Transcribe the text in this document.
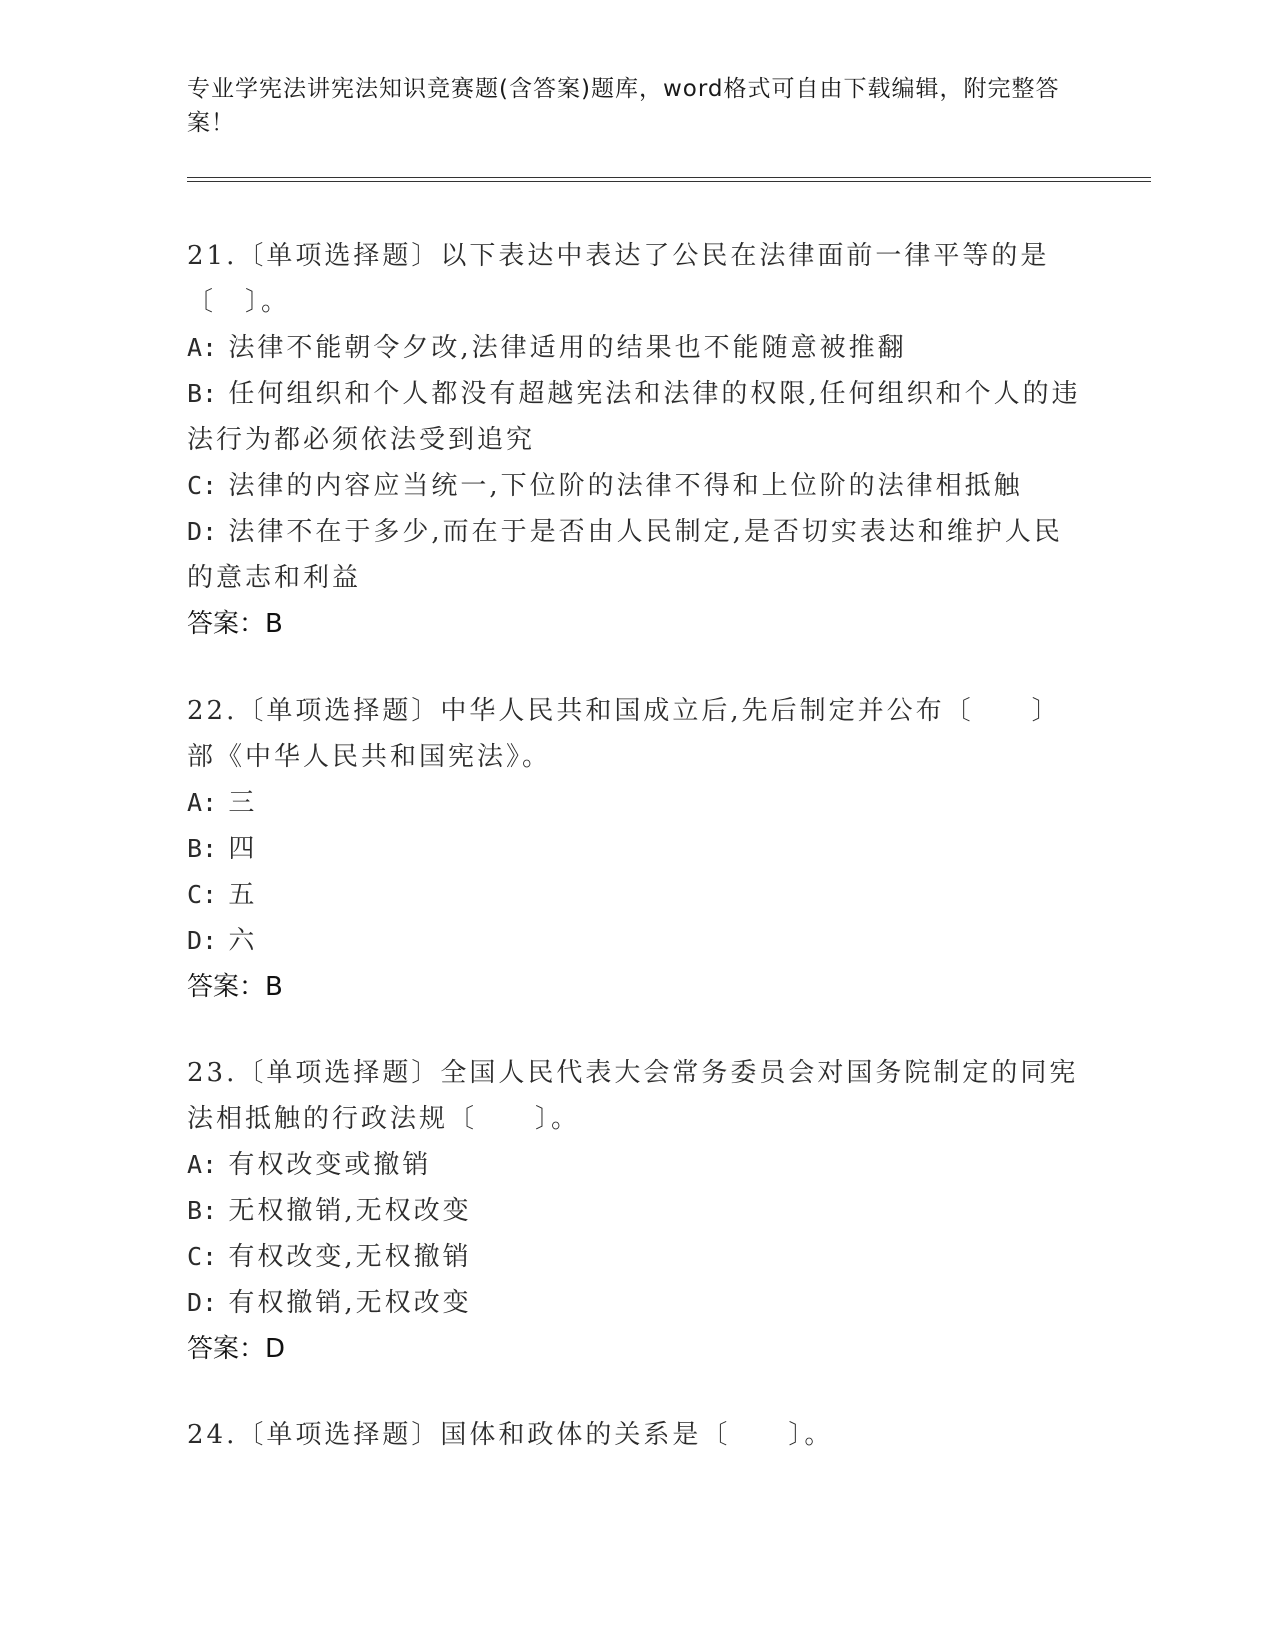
专业学宪法讲宪法知识竞赛题(含答案)题库，word格式可自由下载编辑，附完整答案！

21.〔单项选择题〕以下表达中表达了公民在法律面前一律平等的是〔　〕。

A: 法律不能朝令夕改,法律适用的结果也不能随意被推翻

B: 任何组织和个人都没有超越宪法和法律的权限,任何组织和个人的违法行为都必须依法受到追究

C: 法律的内容应当统一,下位阶的法律不得和上位阶的法律相抵触

D: 法律不在于多少,而在于是否由人民制定,是否切实表达和维护人民的意志和利益

答案：B

22.〔单项选择题〕中华人民共和国成立后,先后制定并公布〔　　〕部《中华人民共和国宪法》。

A: 三

B: 四

C: 五

D: 六

答案：B

23.〔单项选择题〕全国人民代表大会常务委员会对国务院制定的同宪法相抵触的行政法规〔　　〕。

A: 有权改变或撤销

B: 无权撤销,无权改变

C: 有权改变,无权撤销

D: 有权撤销,无权改变

答案：D

24.〔单项选择题〕国体和政体的关系是〔　　〕。
